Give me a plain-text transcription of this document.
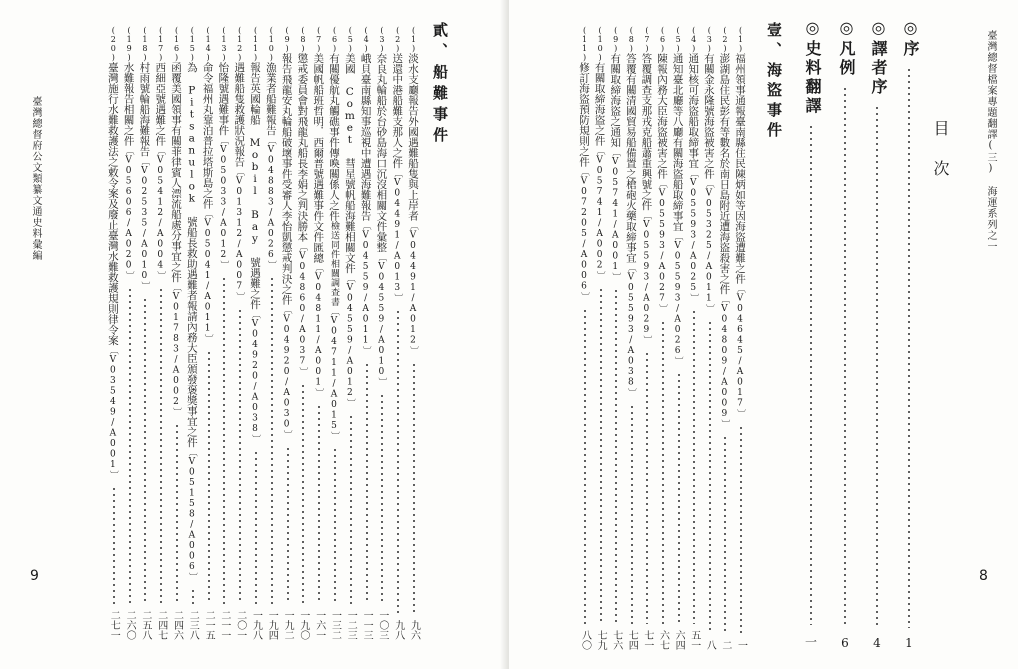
臺灣總督府公文類纂文通史料彙編
9
貳、船難事件
(1)淡水支廳報告外國遇難船隻與上岸者〔V04491/A012〕
九六
(2)送還中港船難支那人之件〔V04491/A013〕
九八
(3)奈良丸輪船於台砂島海口沉沒相關文件彙整〔V04559/A010〕
一〇三
(4)峨貝臺南縣知事巡視中遭遇海難報告〔V04559/A011〕
一一三
(5)美國 Comet 彗星號帆船海難相關文件〔V04559/A012〕
一二三
(6)有關優航丸觸礁事件傳喚關係人之件檢送同件相關調查書〔V04711/A015〕
一三二
(7)美國帆船班哲明．西爾普號遇難事件文件匯總〔V04811/A001〕
一六一
(8)懲戒委員會對飛龍丸船長李娟之判決勝本〔V04860/A037〕
一九〇
(9)報告飛龍安丸輪船破壞事件受審人李怡凱懲戒判決之件〔V04920/A030〕
一九二
(10)漁業者船難報告〔V04883/A026〕
一九四
(11)報告英國輪船 Mobil Bay 號遇難之件〔V04920/A038〕
一九八
(12)遇難船隻救護狀況報告〔V01312/A007〕
二〇一
(13)怡隆號遇難事件〔V05033/A012〕
二一一
(14)命令福州丸靠泊普拉塔斯島之件〔V05041/A011〕
二一五
(15)為 Pitsanulok 號船長救助遇難者報請內務大臣頒發褒獎事宜之件〔V05158/A006〕
二三八
(16)函覆美國領事有關菲律賓人漂流船處分事宜之件〔V01783/A002〕
二四六
(17)西細亞號遇難之件〔V05412/A004〕
二四七
(18)村雨號輪船海難報告〔V02535/A010〕
二五八
(19)水難報告相關之件〔V05606/A020〕
二六〇
(20)臺灣施行水難救護法之敕令案及廢止臺灣水難救護規則律令案〔V03549/A001〕
二七一
臺灣總督檔案專題翻譯(三)　海運系列之一
8
目　次
◎序
1
◎譯者序
4
◎凡例
6
◎史料翻譯
一
壹、海盜事件
(1)福州領事通報臺南縣住民陳炳如等因海盜遭難之件〔V04645/A017〕
一
(2)澎湖島住民彭有等數名於南日島附近遭海盜殺害之件〔V04809/A009〕
二
(3)有關金永隆號海盜被害之件〔V05325/A011〕
八
(4)通知核可海盜船取締事宜〔V05593/A025〕
五一
(5)通知臺北廳等八廳有關海盜船取締事宜〔V05593/A026〕
六四
(6)陳報內務大臣海盜被害之件〔V05593/A027〕
六七
(7)答覆調查支那戎克船蕭重興號之件〔V05593/A029〕
七一
(8)答覆有關清國貿易船備置之槍砲火藥取締事宜〔V05593/A038〕
七四
(9)有關取締海盜之通知〔V05741/A001〕
七六
(10)有關取締海盜之件〔V05741/A002〕
七九
(11)修訂海盜預防規則之件〔V07205/A006〕
八〇
